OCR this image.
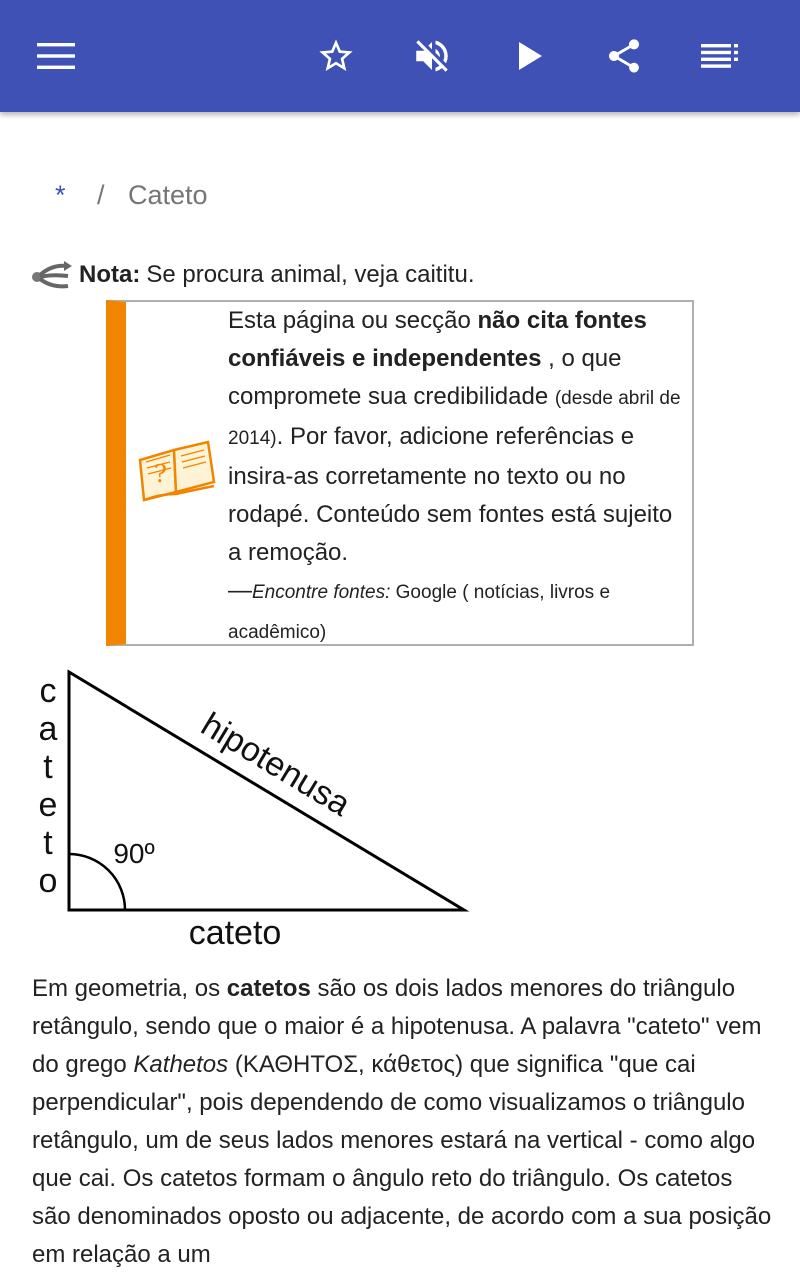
*	/ Cateto
Nota: Se procura animal, veja caititu.
?
Esta página ou secção não cita fontes confiáveis e independentes , o que compromete sua credibilidade (desde abril de 2014). Por favor, adicione referências e insira-as corretamente no texto ou no rodapé. Conteúdo sem fontes está sujeito a remoção.
—Encontre fontes: Google ( notícias, livros e acadêmico)
c
a
t
e
t
o
cateto
hipotenusa
90º
Em geometria, os catetos são os dois lados menores do triângulo retângulo, sendo que o maior é a hipotenusa. A palavra "cateto" vem do grego Kathetos (ΚΑΘΗΤΟΣ, κάθετος) que significa "que cai perpendicular", pois dependendo de como visualizamos o triângulo retângulo, um de seus lados menores estará na vertical - como algo que cai. Os catetos formam o ângulo reto do triângulo. Os catetos são denominados oposto ou adjacente, de acordo com a sua posição em relação a um
